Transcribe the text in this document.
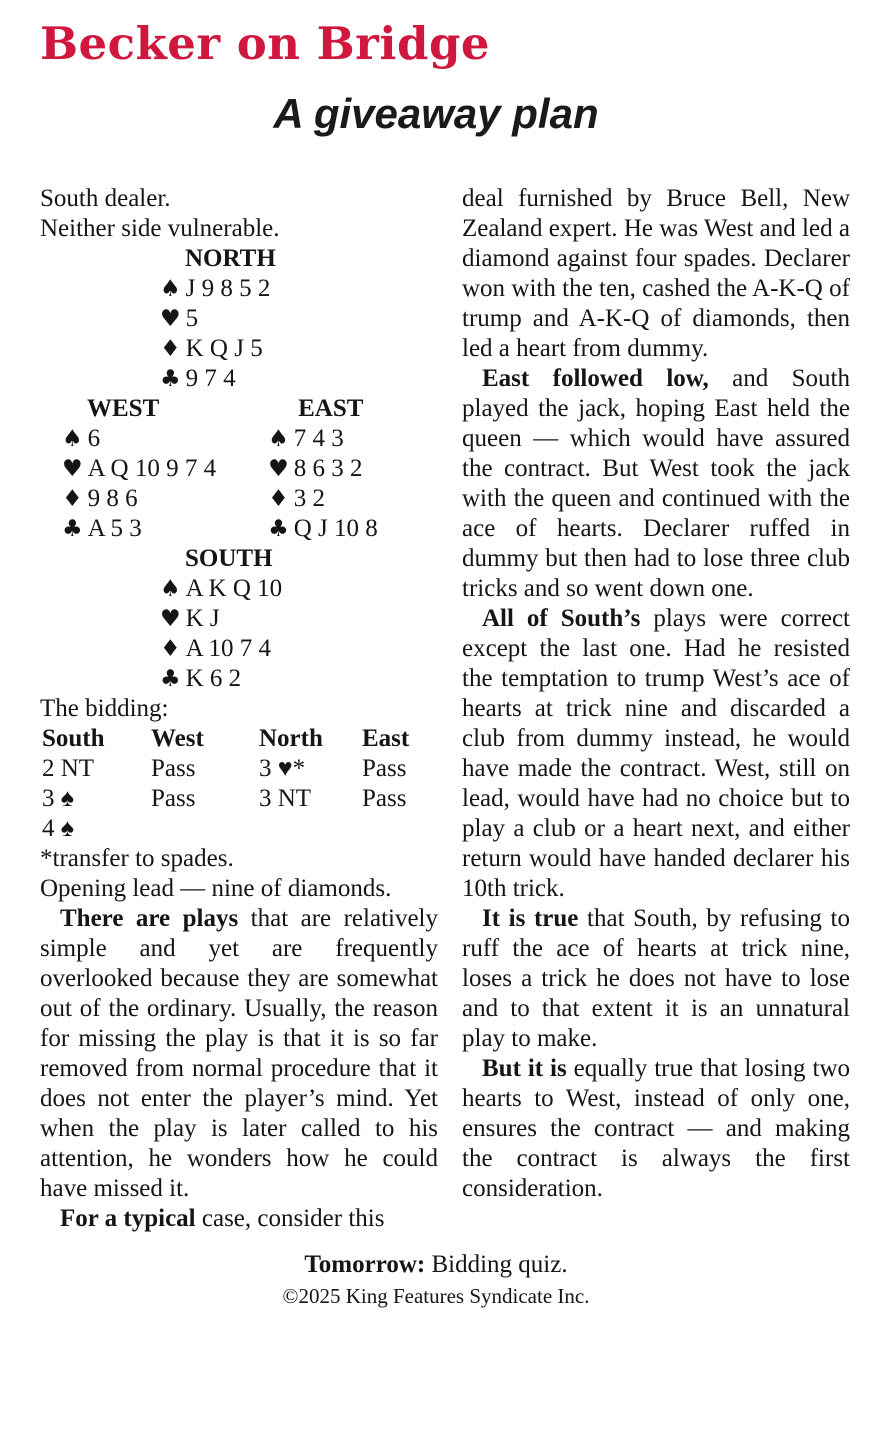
Becker on Bridge
A giveaway plan
South dealer.
Neither side vulnerable.
NORTH
♠ J 9 8 5 2
♥ 5
♦ K Q J 5
♣ 9 7 4
WEST
♠ 6
♥ A Q 10 9 7 4
♦ 9 8 6
♣ A 5 3
EAST
♠ 7 4 3
♥ 8 6 3 2
♦ 3 2
♣ Q J 10 8
SOUTH
♠ A K Q 10
♥ K J
♦ A 10 7 4
♣ K 6 2
The bidding:
South	West	North	East
2 NT	Pass	3 ♥*	Pass
3 ♠	Pass	3 NT	Pass
4 ♠
*transfer to spades.
Opening lead — nine of diamonds.

There are plays that are relatively simple and yet are frequently overlooked because they are somewhat out of the ordinary. Usually, the reason for missing the play is that it is so far removed from normal procedure that it does not enter the player’s mind. Yet when the play is later called to his attention, he wonders how he could have missed it.

For a typical case, consider this

deal furnished by Bruce Bell, New Zealand expert. He was West and led a diamond against four spades. Declarer won with the ten, cashed the A-K-Q of trump and A-K-Q of diamonds, then led a heart from dummy.

East followed low, and South played the jack, hoping East held the queen — which would have assured the contract. But West took the jack with the queen and continued with the ace of hearts. Declarer ruffed in dummy but then had to lose three club tricks and so went down one.

All of South’s plays were correct except the last one. Had he resisted the temptation to trump West’s ace of hearts at trick nine and discarded a club from dummy instead, he would have made the contract. West, still on lead, would have had no choice but to play a club or a heart next, and either return would have handed declarer his 10th trick.

It is true that South, by refusing to ruff the ace of hearts at trick nine, loses a trick he does not have to lose and to that extent it is an unnatural play to make.

But it is equally true that losing two hearts to West, instead of only one, ensures the contract — and making the contract is always the first consideration.

Tomorrow: Bidding quiz.
©2025 King Features Syndicate Inc.
